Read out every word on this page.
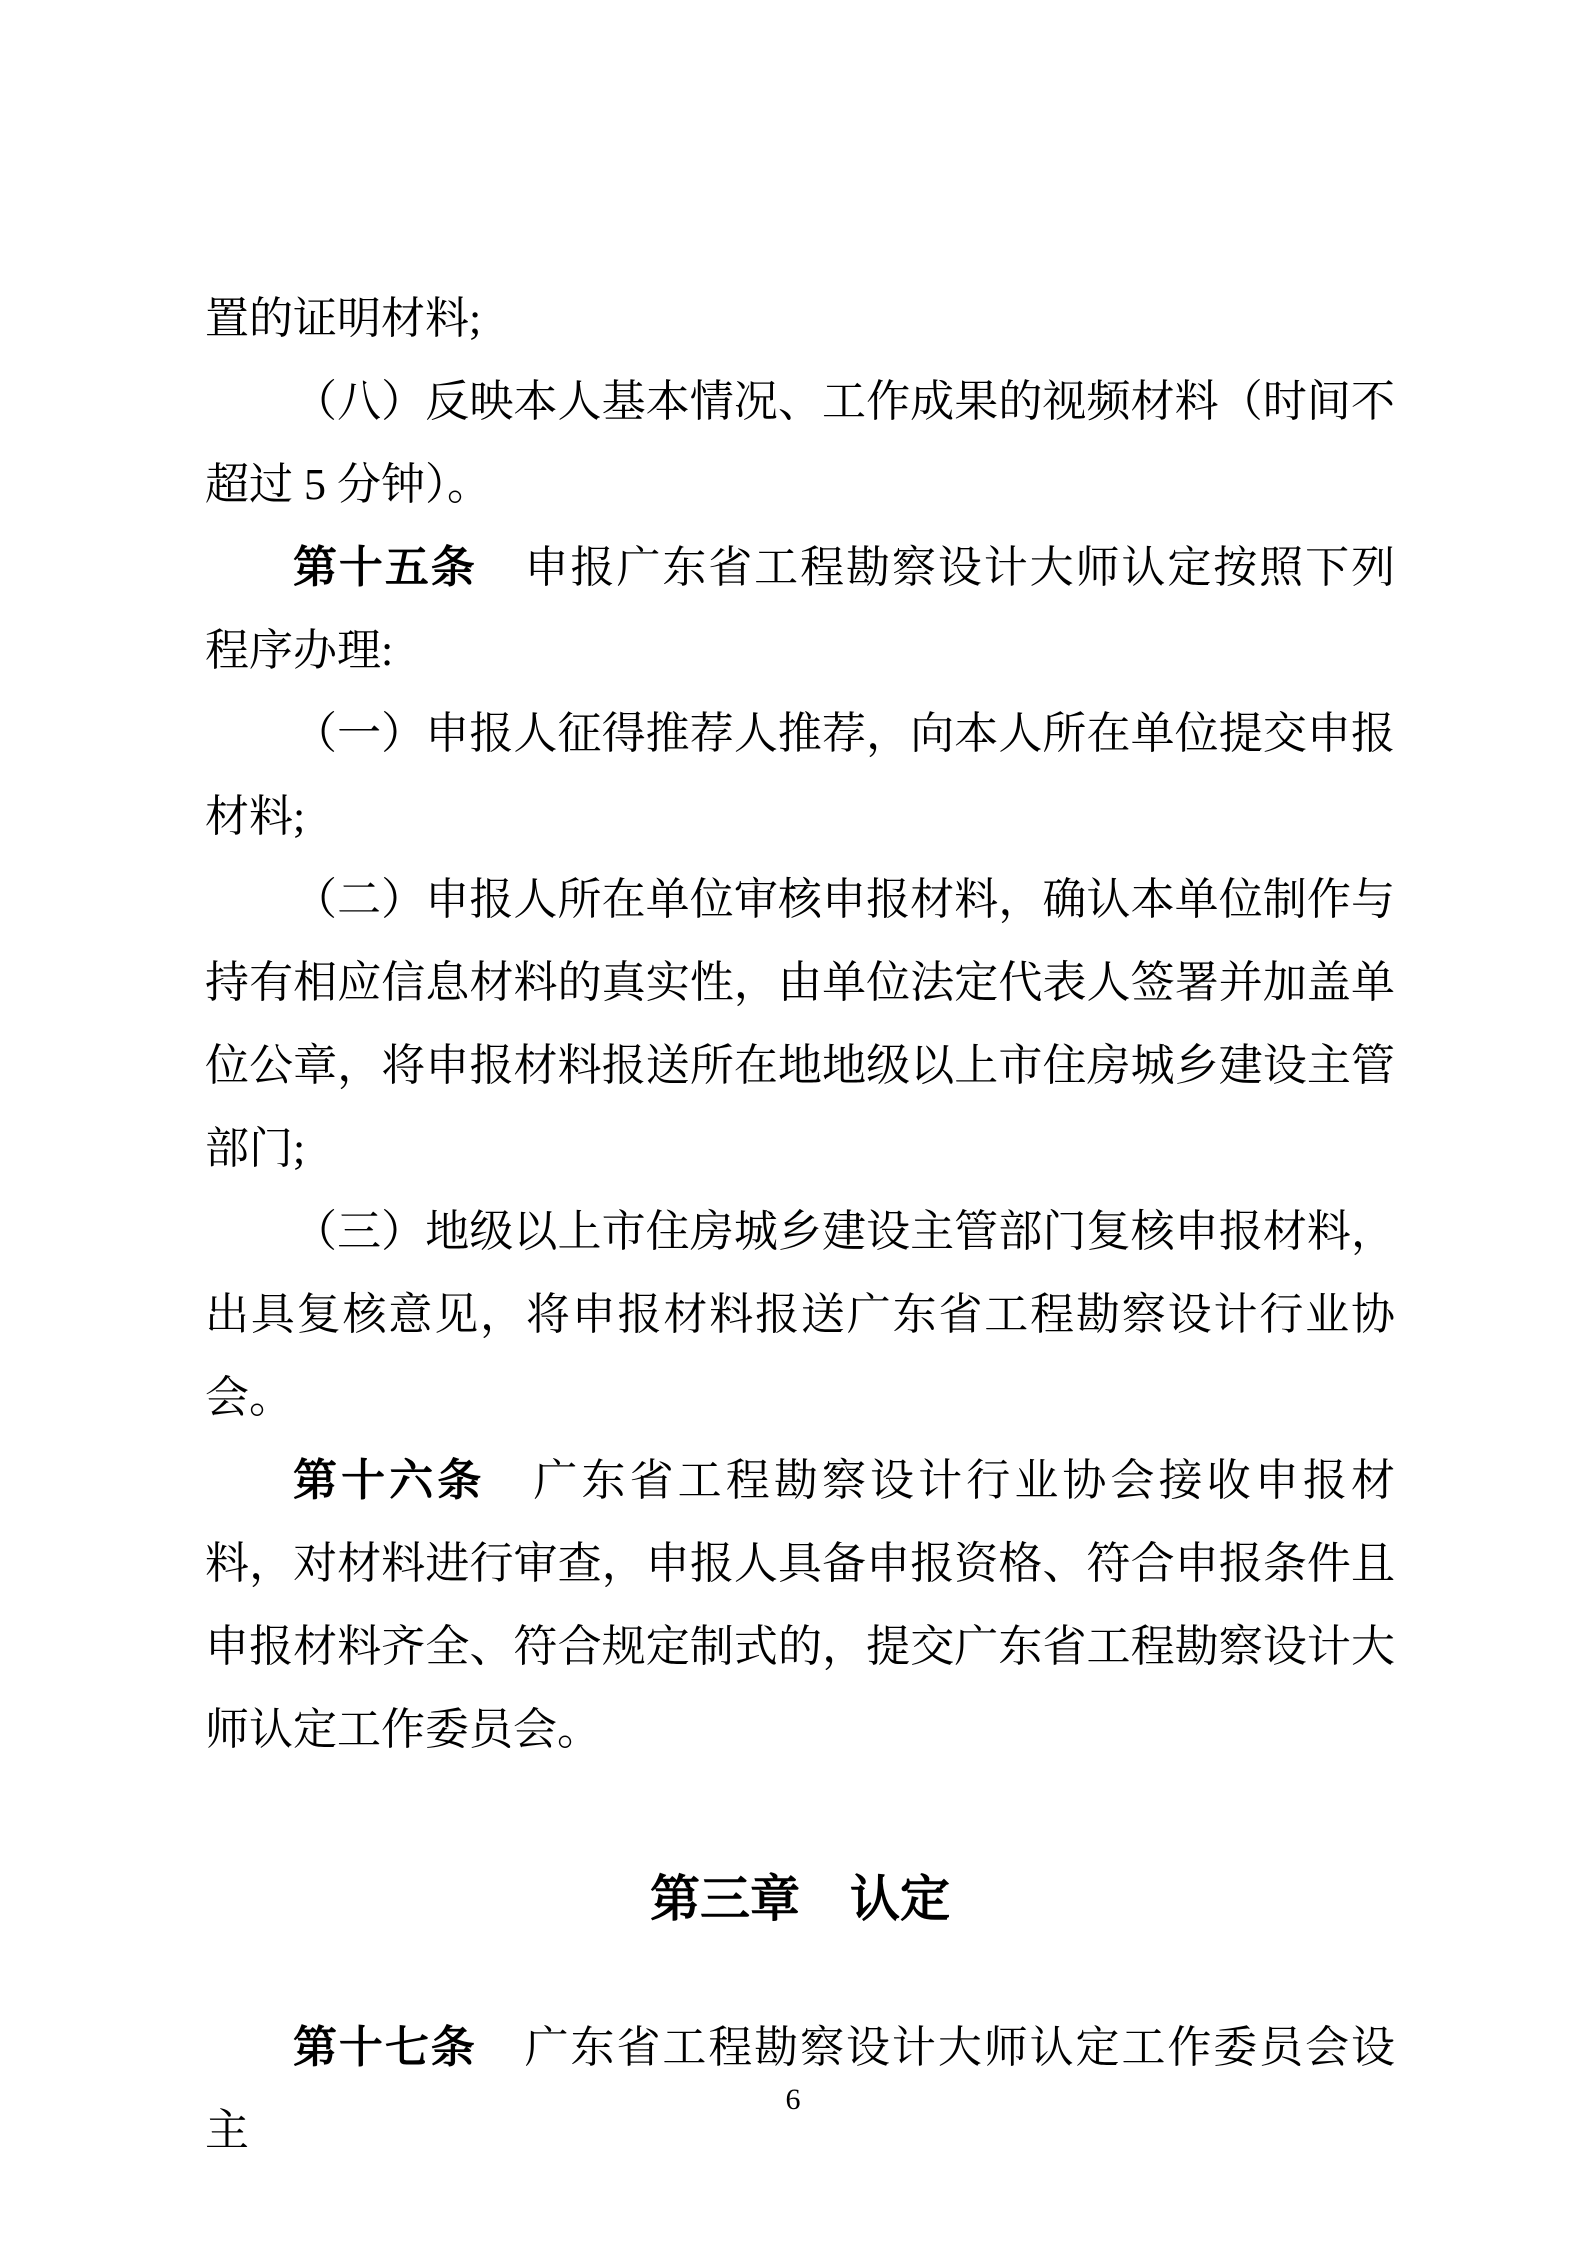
置的证明材料;

（八）反映本人基本情况、工作成果的视频材料（时间不超过 5 分钟）。

第十五条 申报广东省工程勘察设计大师认定按照下列程序办理:

（一）申报人征得推荐人推荐，向本人所在单位提交申报材料;

（二）申报人所在单位审核申报材料，确认本单位制作与持有相应信息材料的真实性，由单位法定代表人签署并加盖单位公章，将申报材料报送所在地地级以上市住房城乡建设主管部门;

（三）地级以上市住房城乡建设主管部门复核申报材料，出具复核意见，将申报材料报送广东省工程勘察设计行业协会。

第十六条 广东省工程勘察设计行业协会接收申报材料，对材料进行审查，申报人具备申报资格、符合申报条件且申报材料齐全、符合规定制式的，提交广东省工程勘察设计大师认定工作委员会。

第三章　认定

第十七条 广东省工程勘察设计大师认定工作委员会设主

6
